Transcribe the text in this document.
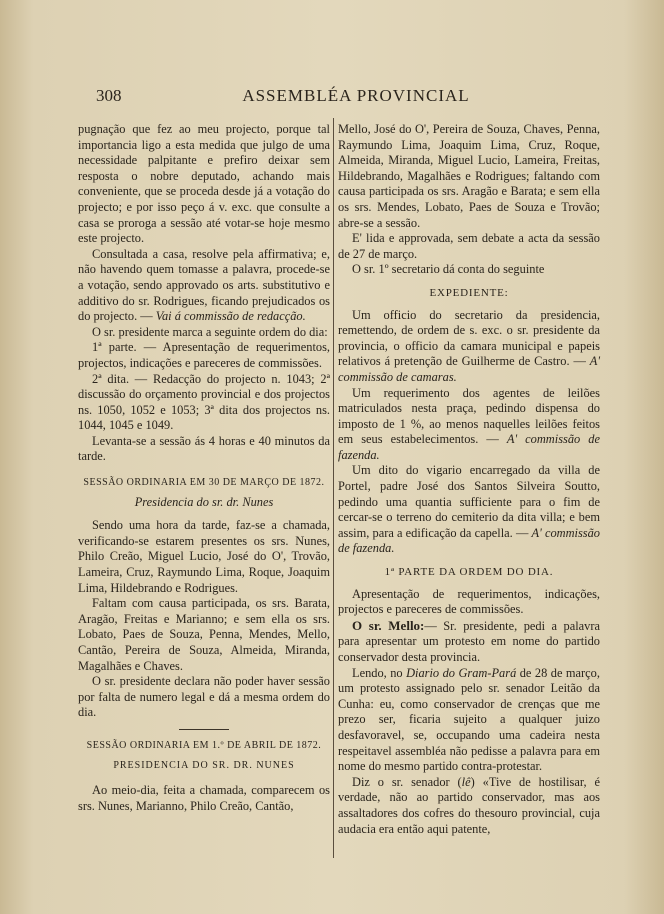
308	ASSEMBLÉA PROVINCIAL

pugnação que fez ao meu projecto, porque tal importancia ligo a esta medida que julgo de uma necessidade palpitante e prefiro deixar sem resposta o nobre deputado, achando mais conveniente, que se proceda desde já a votação do projecto; e por isso peço á v. exc. que consulte a casa se proroga a sessão até votar-se hoje mesmo este projecto.

Consultada a casa, resolve pela affirmativa; e, não havendo quem tomasse a palavra, procede-se a votação, sendo approvado os arts. substitutivo e additivo do sr. Rodrigues, ficando prejudicados os do projecto. — Vai á commissão de redacção.

O sr. presidente marca a seguinte ordem do dia:

1ª parte. — Apresentação de requerimentos, projectos, indicações e pareceres de commissões.

2ª dita. — Redacção do projecto n. 1043; 2ª discussão do orçamento provincial e dos projectos ns. 1050, 1052 e 1053; 3ª dita dos projectos ns. 1044, 1045 e 1049.

Levanta-se a sessão ás 4 horas e 40 minutos da tarde.

SESSÃO ORDINARIA EM 30 DE MARÇO DE 1872.
Presidencia do sr. dr. Nunes

Sendo uma hora da tarde, faz-se a chamada, verificando-se estarem presentes os srs. Nunes, Philo Creão, Miguel Lucio, José do O', Trovão, Lameira, Cruz, Raymundo Lima, Roque, Joaquim Lima, Hildebrando e Rodrigues.

Faltam com causa participada, os srs. Barata, Aragão, Freitas e Marianno; e sem ella os srs. Lobato, Paes de Souza, Penna, Mendes, Mello, Cantão, Pereira de Souza, Almeida, Miranda, Magalhães e Chaves.

O sr. presidente declara não poder haver sessão por falta de numero legal e dá a mesma ordem do dia.

SESSÃO ORDINARIA EM 1.º DE ABRIL DE 1872.
PRESIDENCIA DO SR. DR. NUNES

Ao meio-dia, feita a chamada, comparecem os srs. Nunes, Marianno, Philo Creão, Cantão,

Mello, José do O', Pereira de Souza, Chaves, Penna, Raymundo Lima, Joaquim Lima, Cruz, Roque, Almeida, Miranda, Miguel Lucio, Lameira, Freitas, Hildebrando, Magalhães e Rodrigues; faltando com causa participada os srs. Aragão e Barata; e sem ella os srs. Mendes, Lobato, Paes de Souza e Trovão; abre-se a sessão.

E' lida e approvada, sem debate a acta da sessão de 27 de março.

O sr. 1º secretario dá conta do seguinte

EXPEDIENTE:

Um officio do secretario da presidencia, remettendo, de ordem de s. exc. o sr. presidente da provincia, o officio da camara municipal e papeis relativos á pretenção de Guilherme de Castro. — A' commissão de camaras.

Um requerimento dos agentes de leilões matriculados nesta praça, pedindo dispensa do imposto de 1 %, ao menos naquelles leilões feitos em seus estabelecimentos. — A' commissão de fazenda.

Um dito do vigario encarregado da villa de Portel, padre José dos Santos Silveira Soutto, pedindo uma quantia sufficiente para o fim de cercar-se o terreno do cemiterio da dita villa; e bem assim, para a edificação da capella. — A' commissão de fazenda.

1ª PARTE DA ORDEM DO DIA.

Apresentação de requerimentos, indicações, projectos e pareceres de commissões.

O sr. Mello:— Sr. presidente, pedi a palavra para apresentar um protesto em nome do partido conservador desta provincia.

Lendo, no Diario do Gram-Pará de 28 de março, um protesto assignado pelo sr. senador Leitão da Cunha: eu, como conservador de crenças que me prezo ser, ficaria sujeito a qualquer juizo desfavoravel, se, occupando uma cadeira nesta respeitavel assembléa não pedisse a palavra para em nome do mesmo partido contra-protestar.

Diz o sr. senador (lê) «Tive de hostilisar, é verdade, não ao partido conservador, mas aos assaltadores dos cofres do thesouro provincial, cuja audacia era então aqui patente,
